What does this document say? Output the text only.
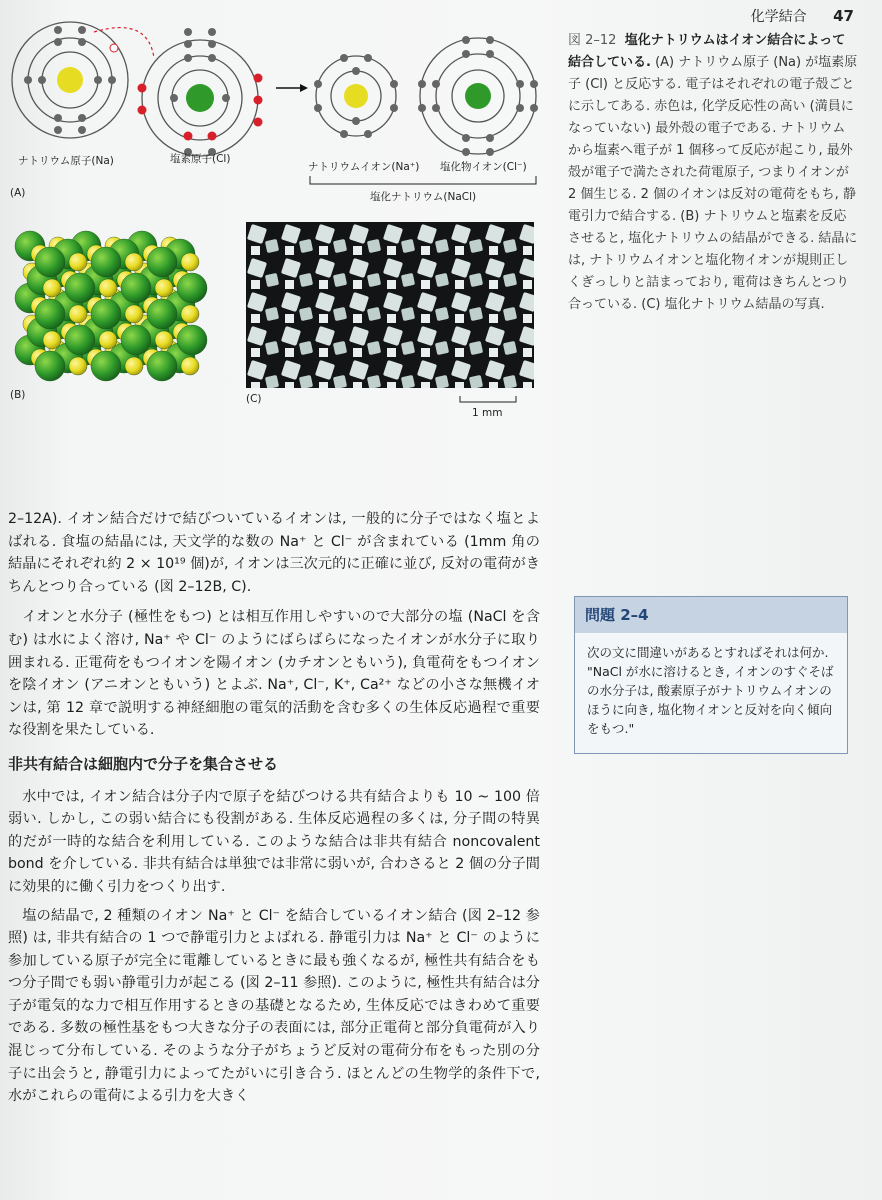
化学結合 47
ナトリウム原子(Na)	塩素原子(Cl)
ナトリウムイオン(Na⁺) 塩化物イオン(Cl⁻)
塩化ナトリウム(NaCl)
(A)
(B)	(C)
1 mm
図 2–12 塩化ナトリウムはイオン結合によって結合している. (A) ナトリウム原子 (Na) が塩素原子 (Cl) と反応する. 電子はそれぞれの電子殻ごとに示してある. 赤色は, 化学反応性の高い (満員になっていない) 最外殻の電子である. ナトリウムから塩素へ電子が 1 個移って反応が起こり, 最外殻が電子で満たされた荷電原子, つまりイオンが 2 個生じる. 2 個のイオンは反対の電荷をもち, 静電引力で結合する. (B) ナトリウムと塩素を反応させると, 塩化ナトリウムの結晶ができる. 結晶には, ナトリウムイオンと塩化物イオンが規則正しくぎっしりと詰まっており, 電荷はきちんとつり合っている. (C) 塩化ナトリウム結晶の写真.
問題 2–4
次の文に間違いがあるとすればそれは何か. "NaCl が水に溶けるとき, イオンのすぐそばの水分子は, 酸素原子がナトリウムイオンのほうに向き, 塩化物イオンと反対を向く傾向をもつ."

2–12A). イオン結合だけで結びついているイオンは, 一般的に分子ではなく塩とよばれる. 食塩の結晶には, 天文学的な数の Na⁺ と Cl⁻ が含まれている (1mm 角の結晶にそれぞれ約 2 × 10¹⁹ 個)が, イオンは三次元的に正確に並び, 反対の電荷がきちんとつり合っている (図 2–12B, C).

イオンと水分子 (極性をもつ) とは相互作用しやすいので大部分の塩 (NaCl を含む) は水によく溶け, Na⁺ や Cl⁻ のようにばらばらになったイオンが水分子に取り囲まれる. 正電荷をもつイオンを陽イオン (カチオンともいう), 負電荷をもつイオンを陰イオン (アニオンともいう) とよぶ. Na⁺, Cl⁻, K⁺, Ca²⁺ などの小さな無機イオンは, 第 12 章で説明する神経細胞の電気的活動を含む多くの生体反応過程で重要な役割を果たしている.

非共有結合は細胞内で分子を集合させる

水中では, イオン結合は分子内で原子を結びつける共有結合よりも 10 ~ 100 倍弱い. しかし, この弱い結合にも役割がある. 生体反応過程の多くは, 分子間の特異的だが一時的な結合を利用している. このような結合は非共有結合 noncovalent bond を介している. 非共有結合は単独では非常に弱いが, 合わさると 2 個の分子間に効果的に働く引力をつくり出す.

塩の結晶で, 2 種類のイオン Na⁺ と Cl⁻ を結合しているイオン結合 (図 2–12 参照) は, 非共有結合の 1 つで静電引力とよばれる. 静電引力は Na⁺ と Cl⁻ のように参加している原子が完全に電離しているときに最も強くなるが, 極性共有結合をもつ分子間でも弱い静電引力が起こる (図 2–11 参照). このように, 極性共有結合は分子が電気的な力で相互作用するときの基礎となるため, 生体反応ではきわめて重要である. 多数の極性基をもつ大きな分子の表面には, 部分正電荷と部分負電荷が入り混じって分布している. そのような分子がちょうど反対の電荷分布をもった別の分子に出会うと, 静電引力によってたがいに引き合う. ほとんどの生物学的条件下で, 水がこれらの電荷による引力を大きく
